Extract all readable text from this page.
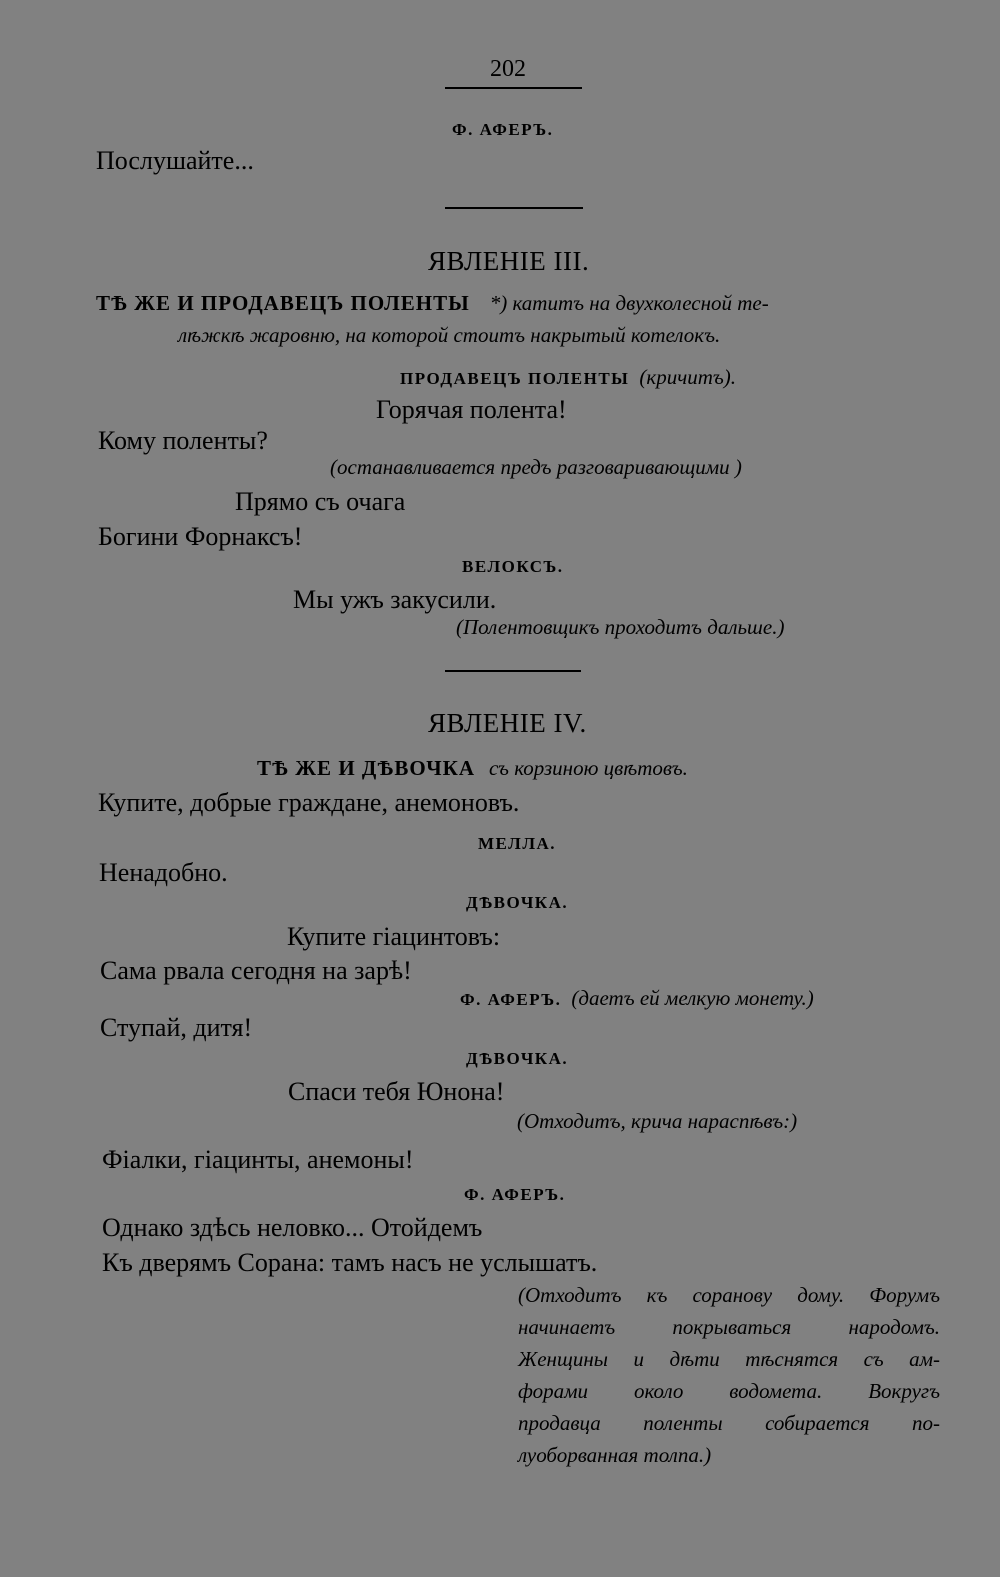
202
Ф. АФЕРЪ.
Послушайте...
ЯВЛЕНІЕ III.
ТѢ ЖЕ И ПРОДАВЕЦЪ ПОЛЕНТЫ *) катитъ на двухколесной те-
лѣжкѣ жаровню, на которой стоитъ накрытый котелокъ.
ПРОДАВЕЦЪ ПОЛЕНТЫ (кричитъ).
Горячая полента!
Кому поленты?
(останавливается предъ разговаривающими )
Прямо съ очага
Богини Форнаксъ!
ВЕЛОКСЪ.
Мы ужъ закусили.
(Полентовщикъ проходитъ дальше.)
ЯВЛЕНІЕ IV.
ТѢ ЖЕ И ДѢВОЧКА съ корзиною цвѣтовъ.
Купите, добрые граждане, анемоновъ.
МЕЛЛА.
Ненадобно.
ДѢВОЧКА.
Купите гіацинтовъ:
Сама рвала сегодня на зарѣ!
Ф. АФЕРЪ. (даетъ ей мелкую монету.)
Ступай, дитя!
ДѢВОЧКА.
Спаси тебя Юнона!
(Отходитъ, крича нараспѣвъ:)
Фіалки, гіацинты, анемоны!
Ф. АФЕРЪ.
Однако здѣсь неловко... Отойдемъ
Къ дверямъ Сорана: тамъ насъ не услышатъ.
(Отходитъ къ соранову дому. Форумъ
начинаетъ покрываться народомъ.
Женщины и дѣти тѣснятся съ ам-
форами около водомета. Вокругъ
продавца поленты собирается по-
луоборванная толпа.)
